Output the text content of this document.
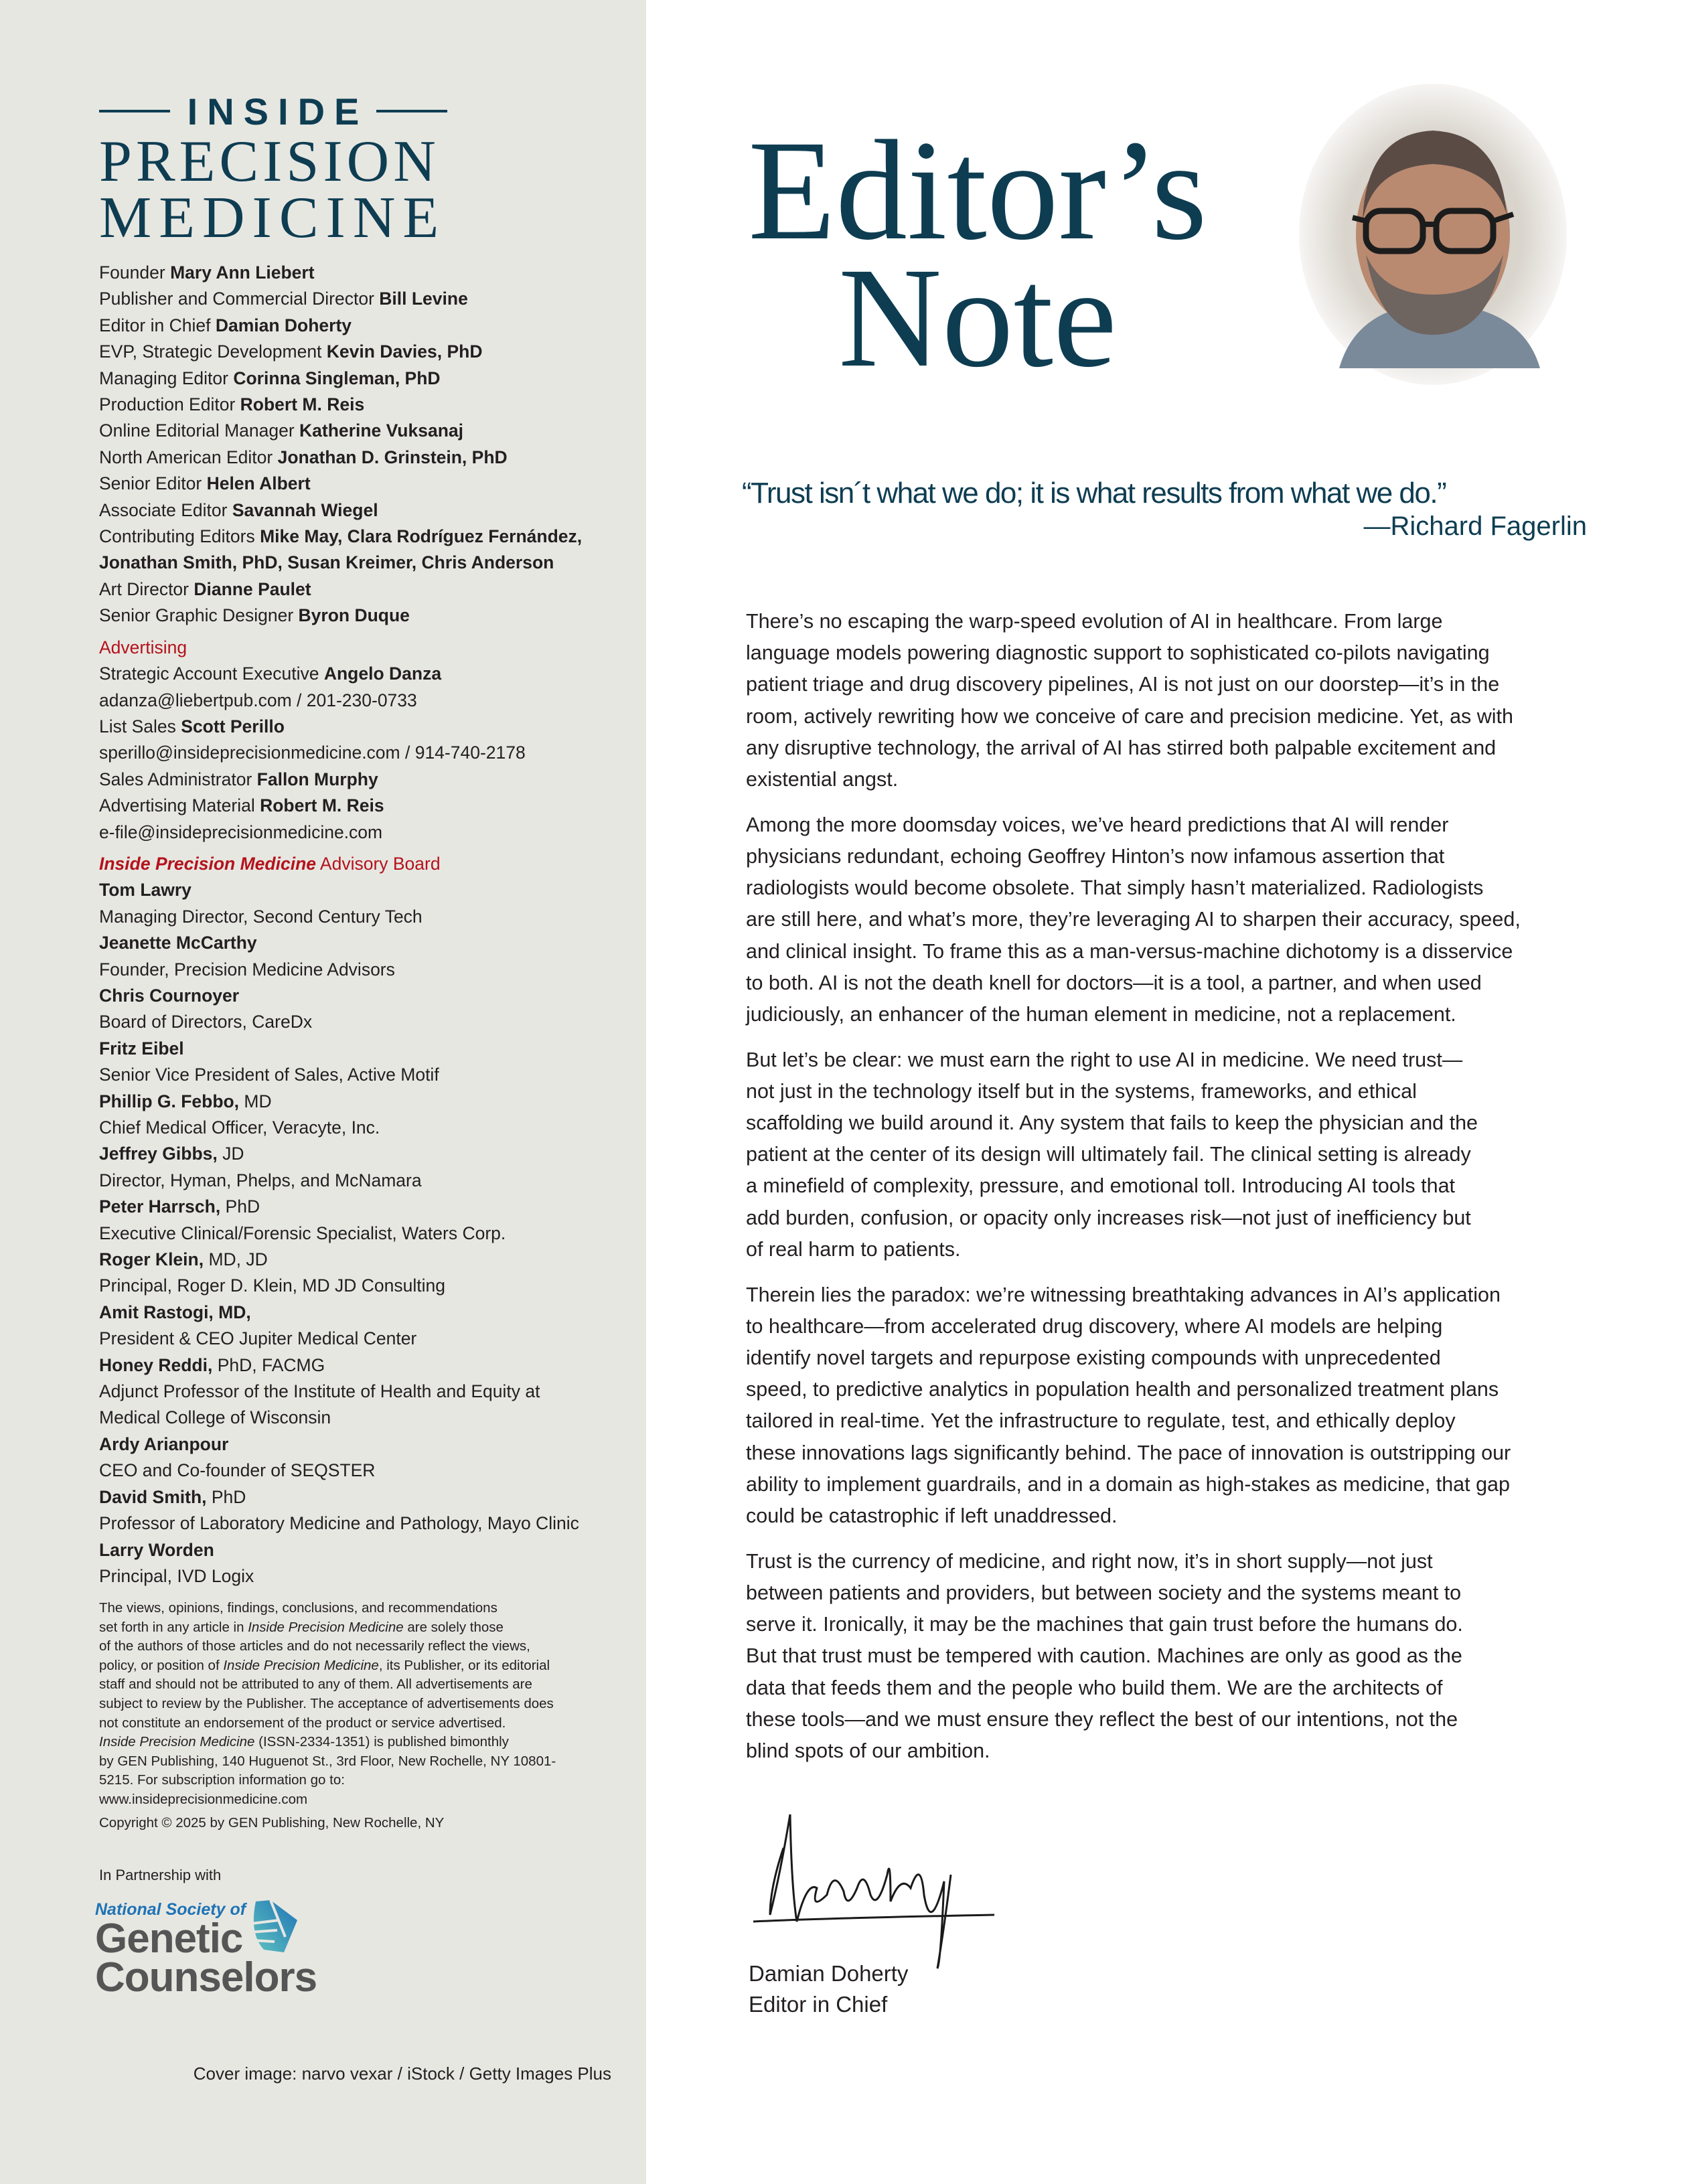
INSIDE
PRECISION
MEDICINE
Founder Mary Ann Liebert
Publisher and Commercial Director Bill Levine
Editor in Chief Damian Doherty
EVP, Strategic Development Kevin Davies, PhD
Managing Editor Corinna Singleman, PhD
Production Editor Robert M. Reis
Online Editorial Manager Katherine Vuksanaj
North American Editor Jonathan D. Grinstein, PhD
Senior Editor Helen Albert
Associate Editor Savannah Wiegel
Contributing Editors Mike May, Clara Rodríguez Fernández,
Jonathan Smith, PhD, Susan Kreimer, Chris Anderson
Art Director Dianne Paulet
Senior Graphic Designer Byron Duque
Advertising
Strategic Account Executive Angelo Danza
adanza@liebertpub.com / 201-230-0733
List Sales Scott Perillo
sperillo@insideprecisionmedicine.com / 914-740-2178
Sales Administrator Fallon Murphy
Advertising Material Robert M. Reis
e-file@insideprecisionmedicine.com
Inside Precision Medicine Advisory Board
Tom Lawry
Managing Director, Second Century Tech
Jeanette McCarthy
Founder, Precision Medicine Advisors
Chris Cournoyer
Board of Directors, CareDx
Fritz Eibel
Senior Vice President of Sales, Active Motif
Phillip G. Febbo, MD
Chief Medical Officer, Veracyte, Inc.
Jeffrey Gibbs, JD
Director, Hyman, Phelps, and McNamara
Peter Harrsch, PhD
Executive Clinical/Forensic Specialist, Waters Corp.
Roger Klein, MD, JD
Principal, Roger D. Klein, MD JD Consulting
Amit Rastogi, MD,
President & CEO Jupiter Medical Center
Honey Reddi, PhD, FACMG
Adjunct Professor of the Institute of Health and Equity at
Medical College of Wisconsin
Ardy Arianpour
CEO and Co-founder of SEQSTER
David Smith, PhD
Professor of Laboratory Medicine and Pathology, Mayo Clinic
Larry Worden
Principal, IVD Logix
The views, opinions, findings, conclusions, and recommendations
set forth in any article in Inside Precision Medicine are solely those
of the authors of those articles and do not necessarily reflect the views,
policy, or position of Inside Precision Medicine, its Publisher, or its editorial
staff and should not be attributed to any of them. All advertisements are
subject to review by the Publisher. The acceptance of advertisements does
not constitute an endorsement of the product or service advertised.
Inside Precision Medicine (ISSN-2334-1351) is published bimonthly
by GEN Publishing, 140 Huguenot St., 3rd Floor, New Rochelle, NY 10801-
5215. For subscription information go to:
www.insideprecisionmedicine.com
Copyright © 2025 by GEN Publishing, New Rochelle, NY
In Partnership with
National Society of
Genetic
Counselors
Cover image: narvo vexar / iStock / Getty Images Plus
Editor’s
Note
“Trust isn´t what we do; it is what results from what we do.”
—Richard Fagerlin

There’s no escaping the warp-speed evolution of AI in healthcare. From large
language models powering diagnostic support to sophisticated co-pilots navigating
patient triage and drug discovery pipelines, AI is not just on our doorstep—it’s in the
room, actively rewriting how we conceive of care and precision medicine. Yet, as with
any disruptive technology, the arrival of AI has stirred both palpable excitement and
existential angst.

Among the more doomsday voices, we’ve heard predictions that AI will render
physicians redundant, echoing Geoffrey Hinton’s now infamous assertion that
radiologists would become obsolete. That simply hasn’t materialized. Radiologists
are still here, and what’s more, they’re leveraging AI to sharpen their accuracy, speed,
and clinical insight. To frame this as a man-versus-machine dichotomy is a disservice
to both. AI is not the death knell for doctors—it is a tool, a partner, and when used
judiciously, an enhancer of the human element in medicine, not a replacement.

But let’s be clear: we must earn the right to use AI in medicine. We need trust—
not just in the technology itself but in the systems, frameworks, and ethical
scaffolding we build around it. Any system that fails to keep the physician and the
patient at the center of its design will ultimately fail. The clinical setting is already
a minefield of complexity, pressure, and emotional toll. Introducing AI tools that
add burden, confusion, or opacity only increases risk—not just of inefficiency but
of real harm to patients.

Therein lies the paradox: we’re witnessing breathtaking advances in AI’s application
to healthcare—from accelerated drug discovery, where AI models are helping
identify novel targets and repurpose existing compounds with unprecedented
speed, to predictive analytics in population health and personalized treatment plans
tailored in real-time. Yet the infrastructure to regulate, test, and ethically deploy
these innovations lags significantly behind. The pace of innovation is outstripping our
ability to implement guardrails, and in a domain as high-stakes as medicine, that gap
could be catastrophic if left unaddressed.

Trust is the currency of medicine, and right now, it’s in short supply—not just
between patients and providers, but between society and the systems meant to
serve it. Ironically, it may be the machines that gain trust before the humans do.
But that trust must be tempered with caution. Machines are only as good as the
data that feeds them and the people who build them. We are the architects of
these tools—and we must ensure they reflect the best of our intentions, not the
blind spots of our ambition.

Damian Doherty
Editor in Chief
